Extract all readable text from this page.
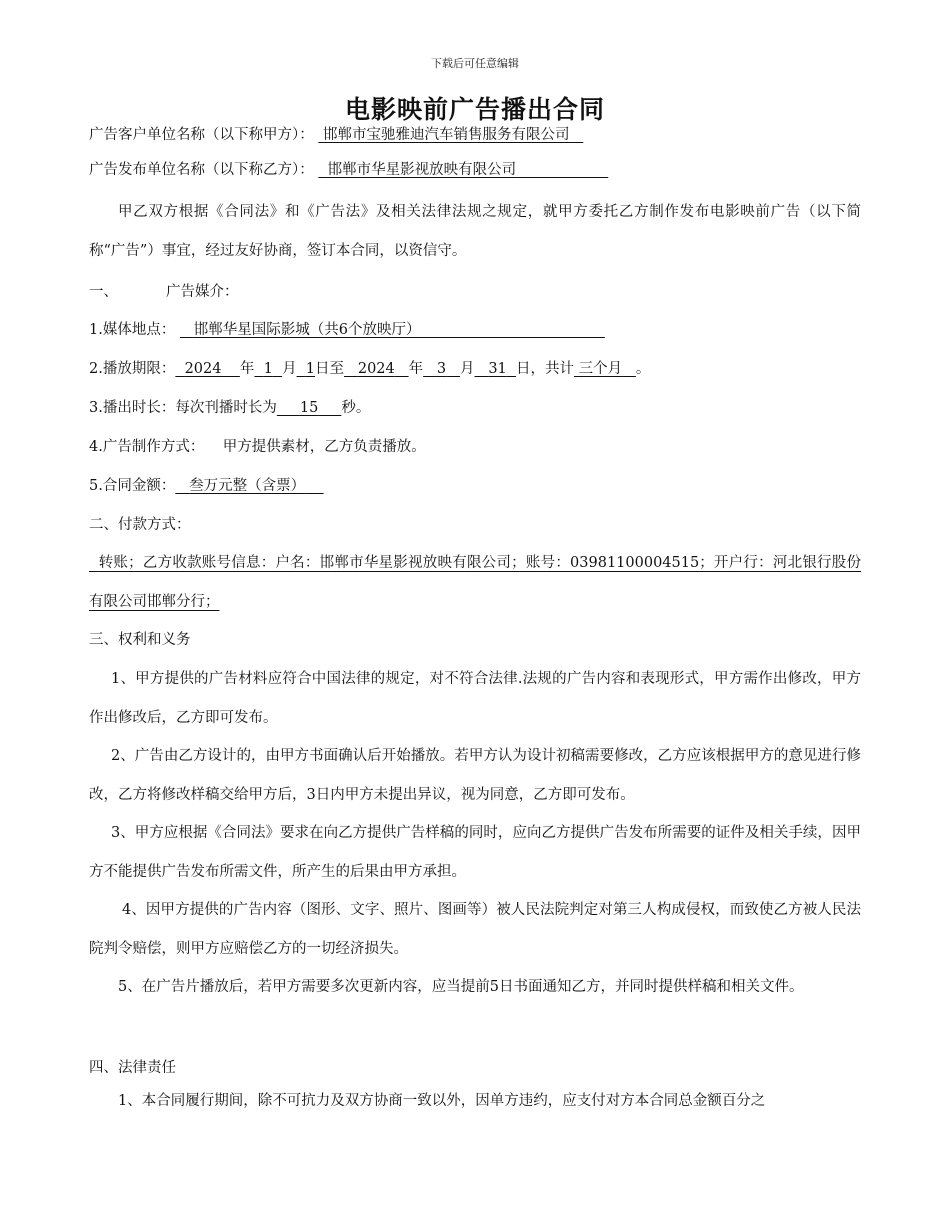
下载后可任意编辑
电影映前广告播出合同
广告客户单位名称（以下称甲方）： 邯郸市宝驰雅迪汽车销售服务有限公司
广告发布单位名称（以下称乙方）： 邯郸市华星影视放映有限公司
甲乙双方根据《合同法》和《广告法》及相关法律法规之规定，就甲方委托乙方制作发布电影映前广告（以下简称“广告”）事宜，经过友好协商，签订本合同，以资信守。
一、	广告媒介：
1.媒体地点： 邯郸华星国际影城（共6个放映厅）
2.播放期限： 2024 年 1 月 1日至 2024 年 3 月 31 日，共计 三个月 。
3.播出时长：每次刊播时长为 15 秒。
4.广告制作方式： 甲方提供素材，乙方负责播放。
5.合同金额： 叁万元整（含票）
二、付款方式：
转账；乙方收款账号信息：户名：邯郸市华星影视放映有限公司；账号：03981100004515；开户行：河北银行股份有限公司邯郸分行；
三、权利和义务
1、甲方提供的广告材料应符合中国法律的规定，对不符合法律.法规的广告内容和表现形式，甲方需作出修改，甲方作出修改后，乙方即可发布。
2、广告由乙方设计的，由甲方书面确认后开始播放。若甲方认为设计初稿需要修改，乙方应该根据甲方的意见进行修改，乙方将修改样稿交给甲方后，3日内甲方未提出异议，视为同意，乙方即可发布。
3、甲方应根据《合同法》要求在向乙方提供广告样稿的同时，应向乙方提供广告发布所需要的证件及相关手续，因甲方不能提供广告发布所需文件，所产生的后果由甲方承担。
4、因甲方提供的广告内容（图形、文字、照片、图画等）被人民法院判定对第三人构成侵权，而致使乙方被人民法院判令赔偿，则甲方应赔偿乙方的一切经济损失。
5、在广告片播放后，若甲方需要多次更新内容，应当提前5日书面通知乙方，并同时提供样稿和相关文件。
四、法律责任
1、本合同履行期间，除不可抗力及双方协商一致以外，因单方违约，应支付对方本合同总金额百分之
